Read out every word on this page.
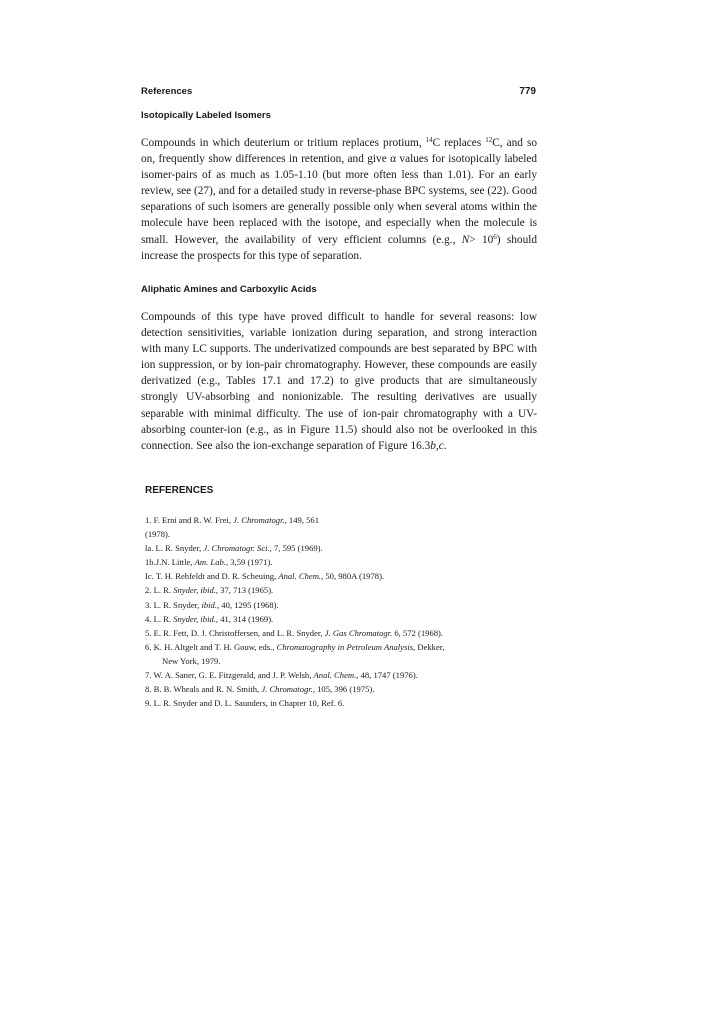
References	779
Isotopically Labeled Isomers

Compounds in which deuterium or tritium replaces protium, $^{14}$C replaces $^{12}$C, and so on, frequently show differences in retention, and give α values for isotopically labeled isomer-pairs of as much as 1.05-1.10 (but more often less than 1.01). For an early review, see (27), and for a detailed study in reverse-phase BPC systems, see (22). Good separations of such isomers are generally possible only when several atoms within the molecule have been replaced with the isotope, and especially when the molecule is small. However, the availability of very efficient columns (e.g., $N> 10^6$) should increase the prospects for this type of separation.

Aliphatic Amines and Carboxylic Acids

Compounds of this type have proved difficult to handle for several reasons: low detection sensitivities, variable ionization during separation, and strong interaction with many LC supports. The underivatized compounds are best separated by BPC with ion suppression, or by ion-pair chromatography. However, these compounds are easily derivatized (e.g., Tables 17.1 and 17.2) to give products that are simultaneously strongly UV-absorbing and nonionizable. The resulting derivatives are usually separable with minimal difficulty. The use of ion-pair chromatography with a UV-absorbing counter-ion (e.g., as in Figure 11.5) should also not be overlooked in this connection. See also the ion-exchange separation of Figure 16.3b,c.

REFERENCES
1. F. Erni and R. W. Frei, J. Chromatogr., 149, 561
(1978).
la. L. R. Snyder, J. Chromatogr. Sci., 7, 595 (1969).
1b.J.N. Little, Am. Lab., 3,59 (1971).
Ic. T. H. Rehfeldt and D. R. Scheuing, Anal. Chem., 50, 980A (1978).
2. L. R. Snyder, ibid., 37, 713 (1965).
3. L. R. Snyder, ibid., 40, 1295 (1968).
4. L. R. Snyder, ibid., 41, 314 (1969).
5. E. R. Fett, D. J. Christoffersen, and L. R. Snyder, J. Gas Chromatogr. 6, 572 (1968).
6. K. H. Altgelt and T. H. Gouw, eds., Chromatography in Petroleum Analysis, Dekker,
New York, 1979.
7. W. A. Saner, G. E. Fitzgerald, and J. P. Welsh, Anal. Chem., 48, 1747 (1976).
8. B. B. Wheals and R. N. Smith, J. Chromatogr., 105, 396 (1975).
9. L. R. Snyder and D. L. Saunders, in Chapter 10, Ref. 6.
